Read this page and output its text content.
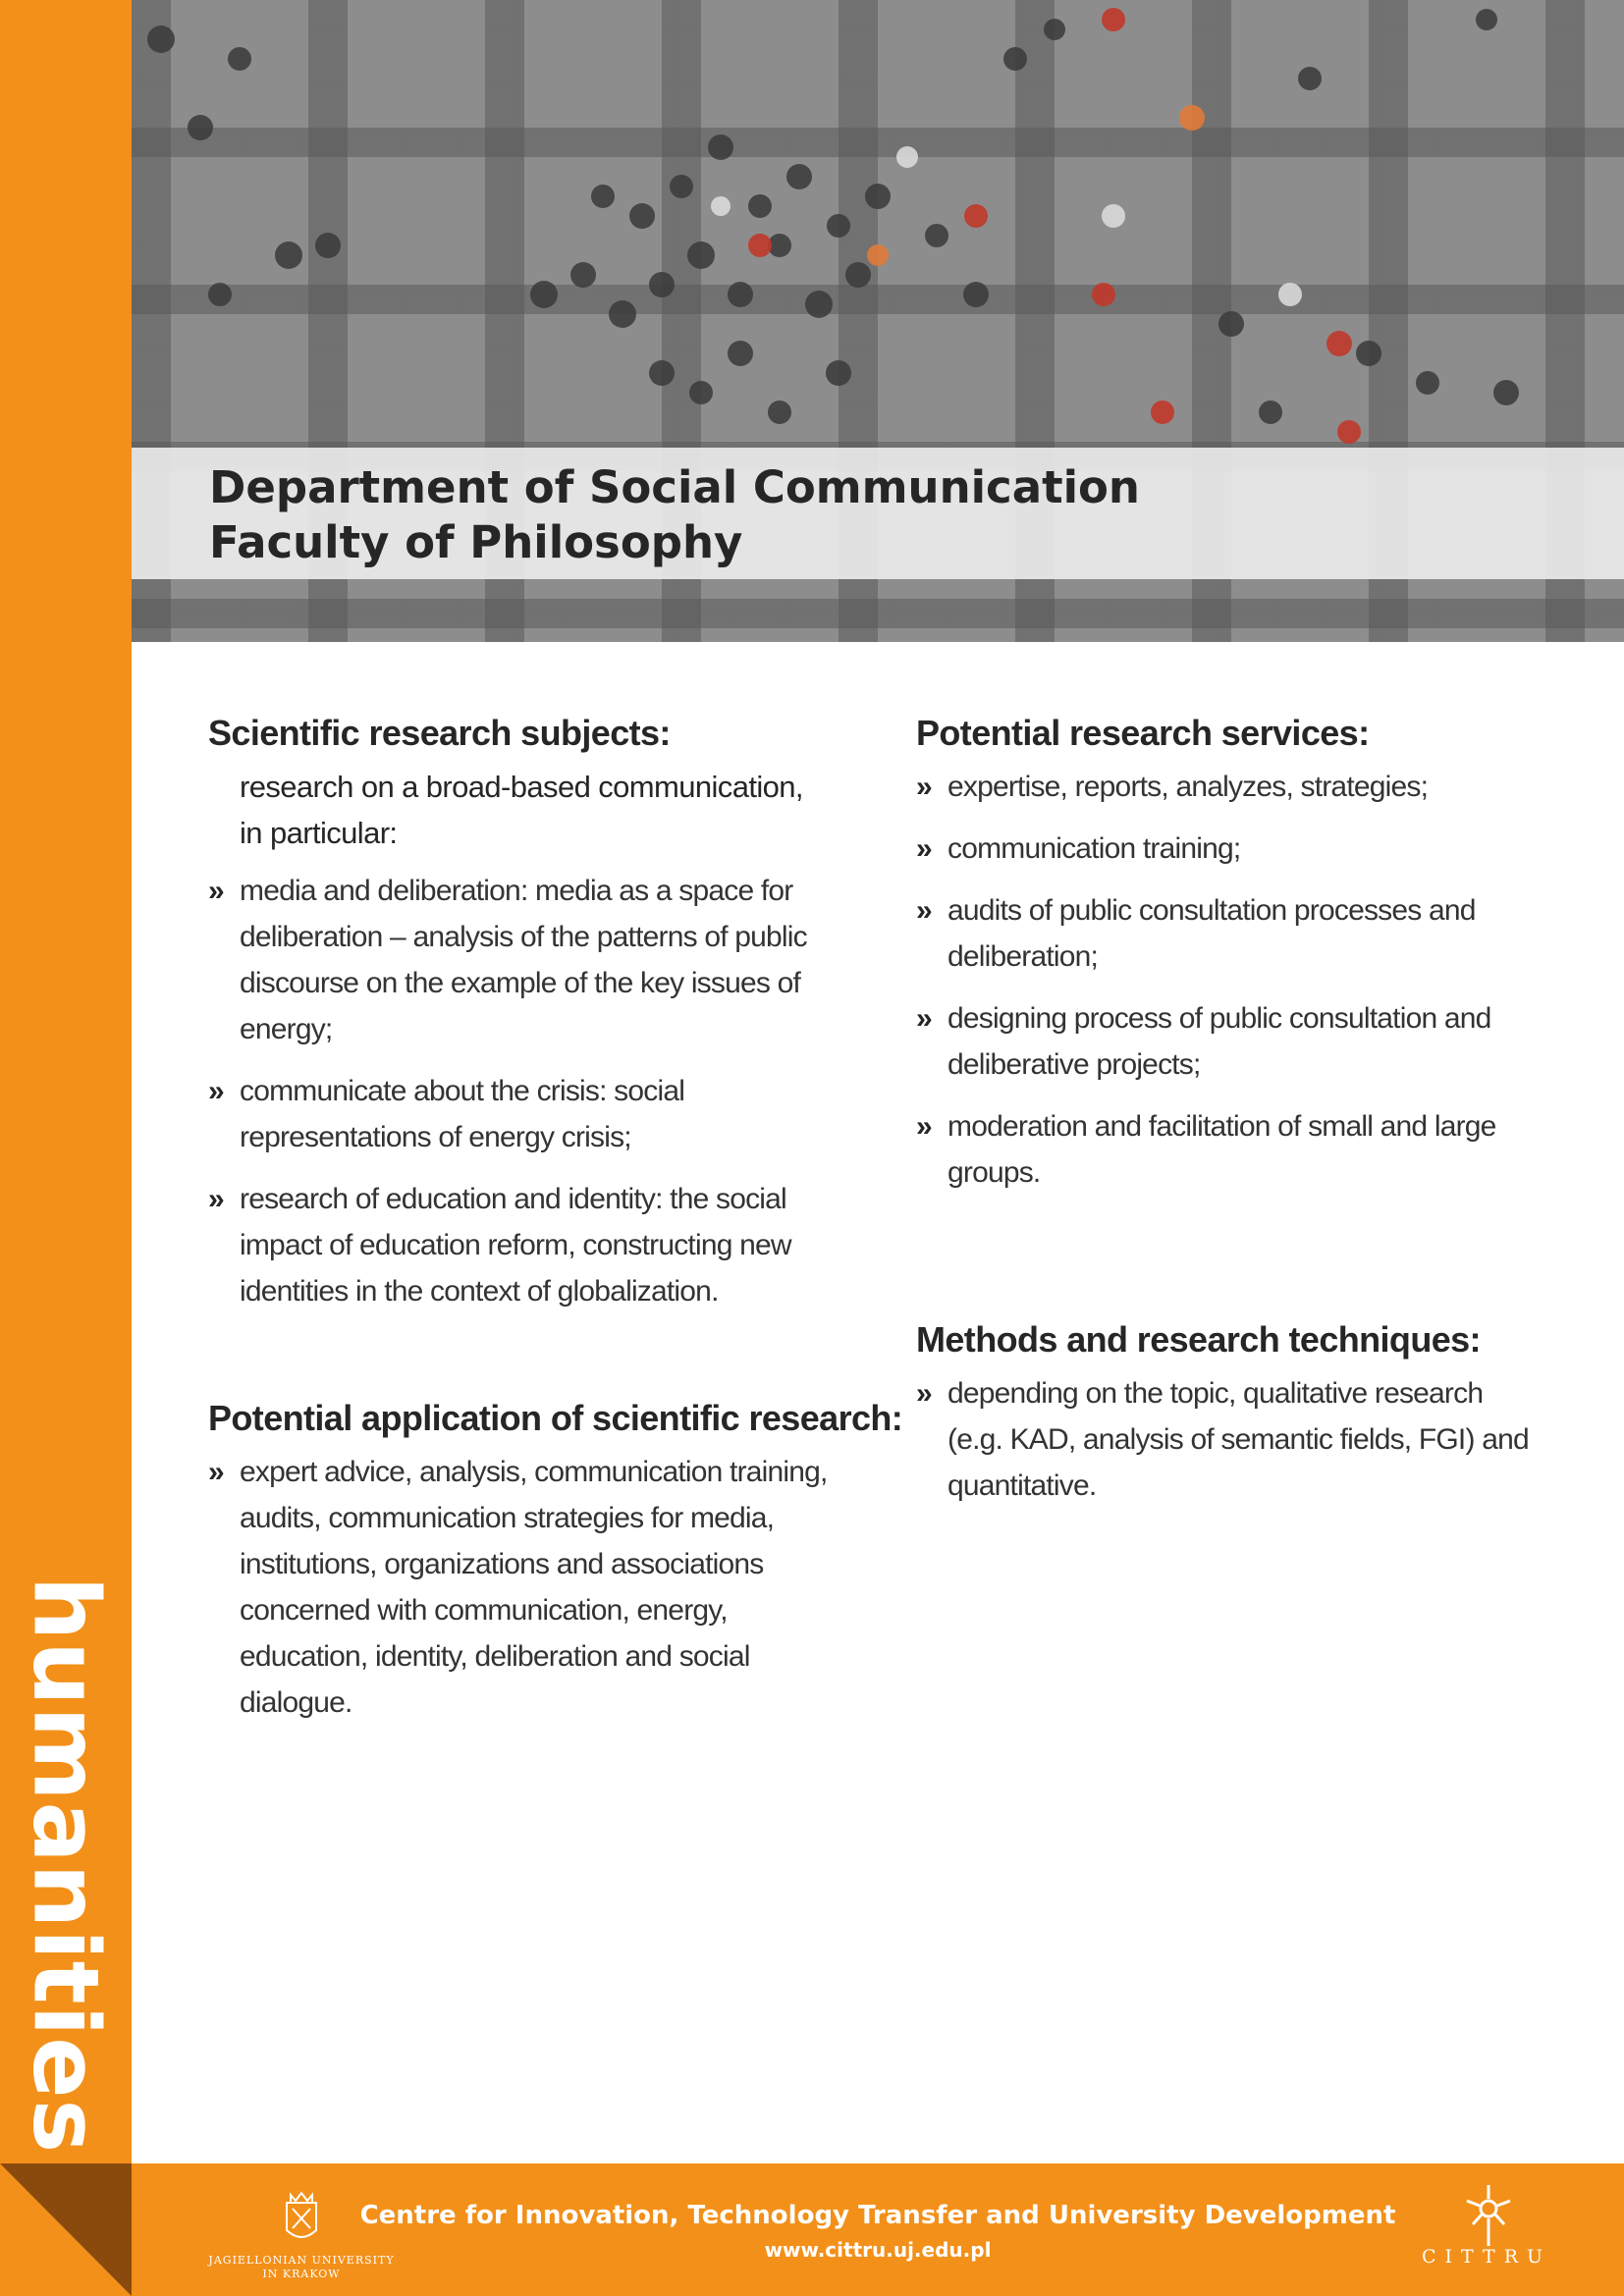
humanities
Department of Social Communication
Faculty of Philosophy
Scientific research subjects:
research on a broad-based communication,
in particular:
» media and deliberation: media as a space for deliberation – analysis of the patterns of public discourse on the example of the key issues of energy;
» communicate about the crisis: social representations of energy crisis;
» research of education and identity: the social impact of education reform, constructing new identities in the context of globalization.
Potential application of scientific research:
» expert advice, analysis, communication training, audits, communication strategies for media, institutions, organizations and associations concerned with communication, energy, education, identity, deliberation and social dialogue.
Potential research services:
» expertise, reports, analyzes, strategies;
» communication training;
» audits of public consultation processes and deliberation;
» designing process of public consultation and deliberative projects;
» moderation and facilitation of small and large groups.
Methods and research techniques:
» depending on the topic, qualitative research (e.g. KAD, analysis of semantic fields, FGI) and quantitative.
JAGIELLONIAN UNIVERSITY
IN KRAKOW
Centre for Innovation, Technology Transfer and University Development
www.cittru.uj.edu.pl	CITTRU
